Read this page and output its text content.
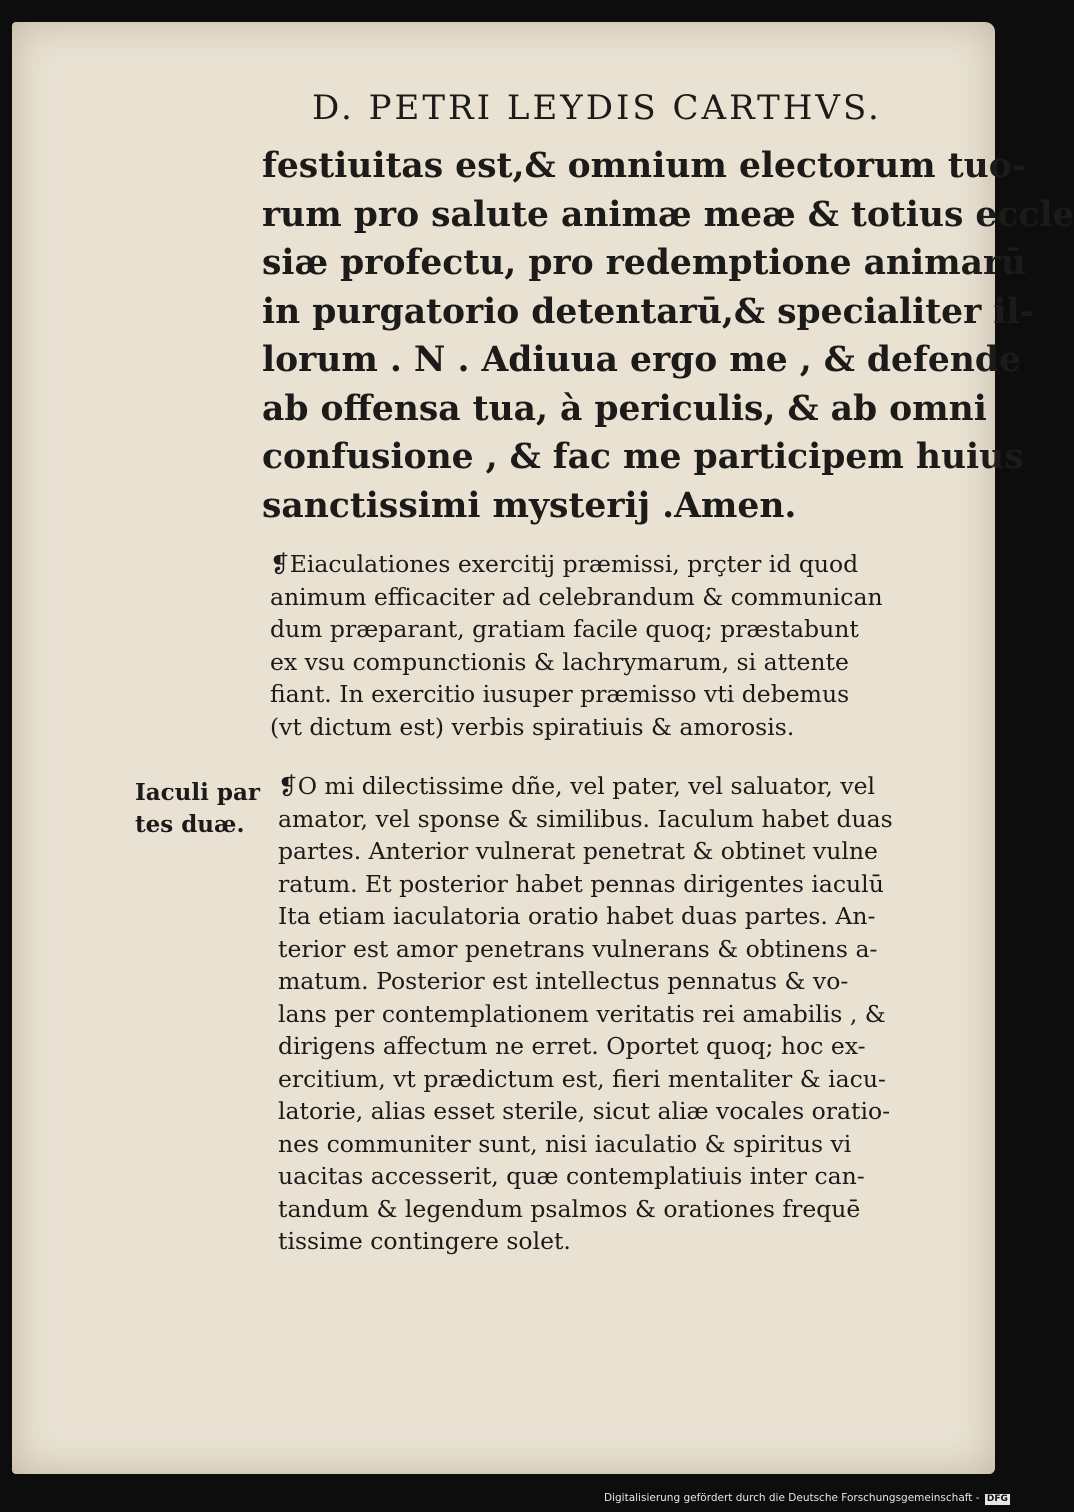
D. PETRI LEYDIS CARTHVS.
festiuitas est,& omnium electorum tuo-
rum pro salute animæ meæ & totius eccle
siæ profectu, pro redemptione animarū
in purgatorio detentarū,& specialiter il-
lorum . N . Adiuua ergo me , & defende
ab offensa tua, à periculis, & ab omni
confusione , & fac me participem huius
sanctissimi mysterij .Amen.
❡Eiaculationes exercitij præmissi, prçter id quod
animum efficaciter ad celebrandum & communican
dum præparant, gratiam facile quoq; præstabunt
ex vsu compunctionis & lachrymarum, si attente
fiant. In exercitio iusuper præmisso vti debemus
(vt dictum est) verbis spiratiuis & amorosis.
Iaculi par
tes duæ.
❡O mi dilectissime dñe, vel pater, vel saluator, vel
amator, vel sponse & similibus. Iaculum habet duas
partes. Anterior vulnerat penetrat & obtinet vulne
ratum. Et posterior habet pennas dirigentes iaculū
Ita etiam iaculatoria oratio habet duas partes. An-
terior est amor penetrans vulnerans & obtinens a-
matum. Posterior est intellectus pennatus & vo-
lans per contemplationem veritatis rei amabilis , &
dirigens affectum ne erret. Oportet quoq; hoc ex-
ercitium, vt prædictum est, fieri mentaliter & iacu-
latorie, alias esset sterile, sicut aliæ vocales oratio-
nes communiter sunt, nisi iaculatio & spiritus vi
uacitas accesserit, quæ contemplatiuis inter can-
tandum & legendum psalmos & orationes frequē
tissime contingere solet.
Digitalisierung gefördert durch die Deutsche Forschungsgemeinschaft - DFG
